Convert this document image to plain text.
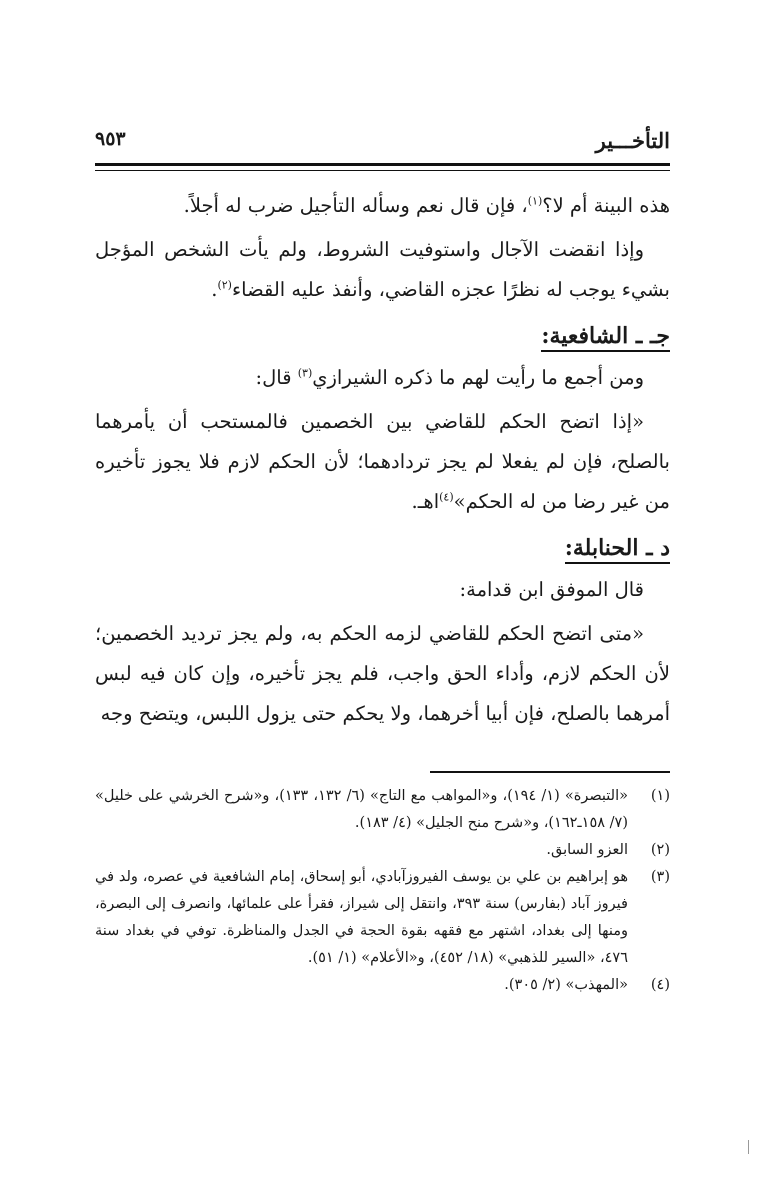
التأخـــير
٩٥٣

هذه البينة أم لا؟$^{(١)}$، فإن قال نعم وسأله التأجيل ضرب له أجلاً.

وإذا انقضت الآجال واستوفيت الشروط، ولم يأت الشخص المؤجل بشيء يوجب له نظرًا عجزه القاضي، وأنفذ عليه القضاء$^{(٢)}$.

جـ ـ الشافعية:

ومن أجمع ما رأيت لهم ما ذكره الشيرازي$^{(٣)}$ قال:

«إذا اتضح الحكم للقاضي بين الخصمين فالمستحب أن يأمرهما بالصلح، فإن لم يفعلا لم يجز تردادهما؛ لأن الحكم لازم فلا يجوز تأخيره من غير رضا من له الحكم»$^{(٤)}$اهـ.

د ـ الحنابلة:

قال الموفق ابن قدامة:

«متى اتضح الحكم للقاضي لزمه الحكم به، ولم يجز ترديد الخصمين؛ لأن الحكم لازم، وأداء الحق واجب، فلم يجز تأخيره، وإن كان فيه لبس أمرهما بالصلح، فإن أبيا أخرهما، ولا يحكم حتى يزول اللبس، ويتضح وجه

(١)
«التبصرة» (١/ ١٩٤)، و«المواهب مع التاج» (٦/ ١٣٢، ١٣٣)، و«شرح الخرشي على خليل» (٧/ ١٥٨ـ١٦٢)، و«شرح منح الجليل» (٤/ ١٨٣).

(٢)
العزو السابق.

(٣)
هو إبراهيم بن علي بن يوسف الفيروزآبادي، أبو إسحاق، إمام الشافعية في عصره، ولد في فيروز آباد (بفارس) سنة ٣٩٣، وانتقل إلى شيراز، فقرأ على علمائها، وانصرف إلى البصرة، ومنها إلى بغداد، اشتهر مع فقهه بقوة الحجة في الجدل والمناظرة. توفي في بغداد سنة ٤٧٦، «السير للذهبي» (١٨/ ٤٥٢)، و«الأعلام» (١/ ٥١).

(٤)
«المهذب» (٢/ ٣٠٥).
